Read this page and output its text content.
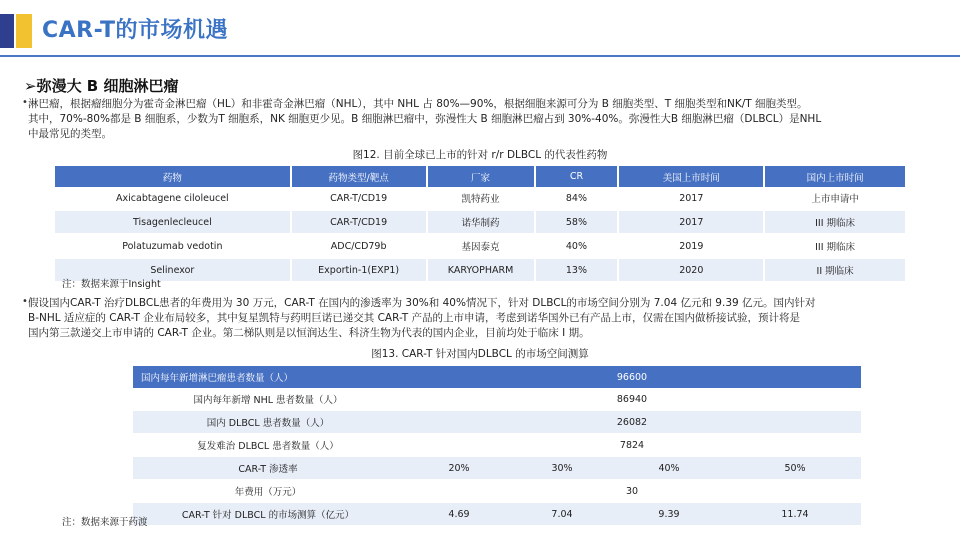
CAR-T的市场机遇
➢弥漫大 B 细胞淋巴瘤
• 淋巴瘤，根据瘤细胞分为霍奇金淋巴瘤（HL）和非霍奇金淋巴瘤（NHL），其中 NHL 占 80%—90%，根据细胞来源可分为 B 细胞类型、T 细胞类型和NK/T 细胞类型。
其中，70%-80%都是 B 细胞系，少数为T 细胞系，NK 细胞更少见。B 细胞淋巴瘤中，弥漫性大 B 细胞淋巴瘤占到 30%-40%。弥漫性大B 细胞淋巴瘤（DLBCL）是NHL
中最常见的类型。
图12. 目前全球已上市的针对 r/r DLBCL 的代表性药物
药物	药物类型/靶点	厂家	CR	美国上市时间	国内上市时间
Axicabtagene ciloleucel	CAR-T/CD19	凯特药业	84%	2017	上市申请中
Tisagenlecleucel	CAR-T/CD19	诺华制药	58%	2017	III 期临床
Polatuzumab vedotin	ADC/CD79b	基因泰克	40%	2019	III 期临床
Selinexor	Exportin-1(EXP1)	KARYOPHARM	13%	2020	II 期临床
注：数据来源于Insight
• 假设国内CAR-T 治疗DLBCL患者的年费用为 30 万元，CAR-T 在国内的渗透率为 30%和 40%情况下，针对 DLBCL的市场空间分别为 7.04 亿元和 9.39 亿元。国内针对
B-NHL 适应症的 CAR-T 企业布局较多，其中复星凯特与药明巨诺已递交其 CAR-T 产品的上市申请，考虑到诺华国外已有产品上市，仅需在国内做桥接试验，预计将是
国内第三款递交上市申请的 CAR-T 企业。第二梯队则是以恒润达生、科济生物为代表的国内企业，目前均处于临床 I 期。
图13. CAR-T 针对国内DLBCL 的市场空间测算
国内每年新增淋巴瘤患者数量（人）	96600			
国内每年新增 NHL 患者数量（人）	86940			
国内 DLBCL 患者数量（人）	26082			
复发难治 DLBCL 患者数量（人）	7824			
CAR-T 渗透率	20%	30%	40%	50%
年费用（万元）	30			
CAR-T 针对 DLBCL 的市场测算（亿元）	4.69	7.04	9.39	11.74
注：数据来源于药渡
